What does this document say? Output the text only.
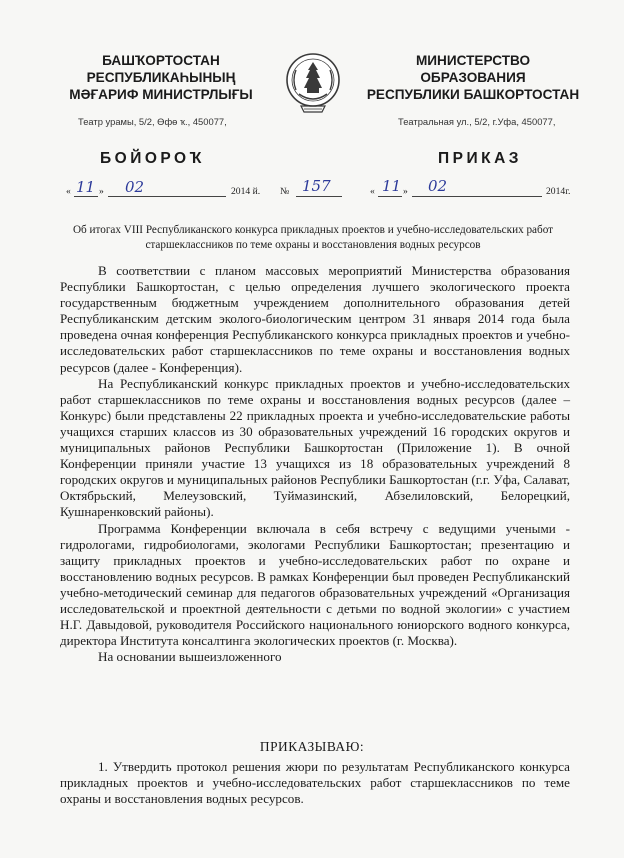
БАШҠОРТОСТАН
РЕСПУБЛИКАҺЫНЫҢ
МӘҒАРИФ МИНИСТРЛЫҒЫ
Театр урамы, 5/2, Өфө ҡ., 450077,
МИНИСТЕРСТВО
ОБРАЗОВАНИЯ
РЕСПУБЛИКИ БАШКОРТОСТАН
Театральная ул., 5/2, г.Уфа, 450077,
БОЙОРОҠ	ПРИКАЗ
« 11 » 02	2014 й. № 157	« 11 » 02	2014г.
Об итогах VIII Республиканского конкурса прикладных проектов и учебно-исследовательских работ старшеклассников по теме охраны и восстановления водных ресурсов

В соответствии с планом массовых мероприятий Министерства образования Республики Башкортостан, с целью определения лучшего экологического проекта государственным бюджетным учреждением дополнительного образования детей Республиканским детским эколого-биологическим центром 31 января 2014 года была проведена очная конференция Республиканского конкурса прикладных проектов и учебно-исследовательских работ старшеклассников по теме охраны и восстановления водных ресурсов (далее - Конференция).

На Республиканский конкурс прикладных проектов и учебно-исследовательских работ старшеклассников по теме охраны и восстановления водных ресурсов (далее – Конкурс) были представлены 22 прикладных проекта и учебно-исследовательские работы учащихся старших классов из 30 образовательных учреждений 16 городских округов и муниципальных районов Республики Башкортостан (Приложение 1). В очной Конференции приняли участие 13 учащихся из 18 образовательных учреждений 8 городских округов и муниципальных районов Республики Башкортостан (г.г. Уфа, Салават, Октябрьский, Мелеузовский, Туймазинский, Абзелиловский, Белорецкий, Кушнаренковский районы).

Программа Конференции включала в себя встречу с ведущими учеными - гидрологами, гидробиологами, экологами Республики Башкортостан; презентацию и защиту прикладных проектов и учебно-исследовательских работ по охране и восстановлению водных ресурсов. В рамках Конференции был проведен Республиканский учебно-методический семинар для педагогов образовательных учреждений «Организация исследовательской и проектной деятельности с детьми по водной экологии» с участием Н.Г. Давыдовой, руководителя Российского национального юниорского водного конкурса, директора Института консалтинга экологических проектов (г. Москва).

На основании вышеизложенного

ПРИКАЗЫВАЮ:

1. Утвердить протокол решения жюри по результатам Республиканского конкурса прикладных проектов и учебно-исследовательских работ старшеклассников по теме охраны и восстановления водных ресурсов.
